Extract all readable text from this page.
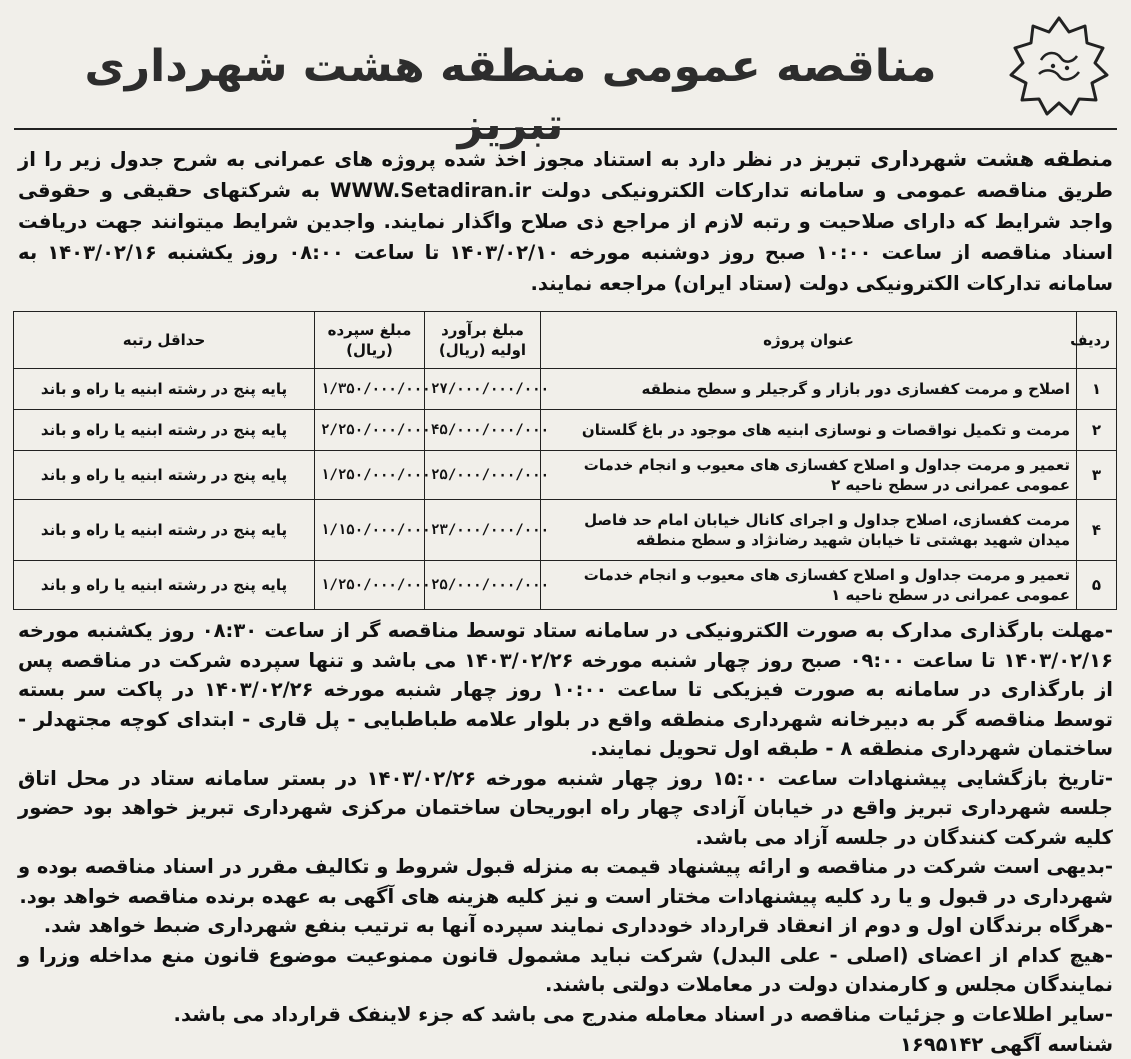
مناقصه عمومی منطقه هشت شهرداری تبریز
منطقه هشت شهرداری تبریز در نظر دارد به استناد مجوز اخذ شده پروژه های عمرانی به شرح جدول زیر را از طریق مناقصه عمومی و سامانه تدارکات الکترونیکی دولت WWW.Setadiran.ir به شرکتهای حقیقی و حقوقی واجد شرایط که دارای صلاحیت و رتبه لازم از مراجع ذی صلاح واگذار نمایند. واجدین شرایط میتوانند جهت دریافت اسناد مناقصه از ساعت ۱۰:۰۰ صبح روز دوشنبه مورخه ۱۴۰۳/۰۲/۱۰ تا ساعت ۰۸:۰۰ روز یکشنبه ۱۴۰۳/۰۲/۱۶ به سامانه تدارکات الکترونیکی دولت (ستاد ایران) مراجعه نمایند.
ردیف	عنوان پروژه	مبلغ برآورد اولیه (ریال)	مبلغ سپرده (ریال)	حداقل رتبه
۱	اصلاح و مرمت کفسازی دور بازار و گرجیلر و سطح منطقه	۲۷/۰۰۰/۰۰۰/۰۰۰	۱/۳۵۰/۰۰۰/۰۰۰	پایه پنج در رشته ابنیه یا راه و باند
۲	مرمت و تکمیل نواقصات و نوسازی ابنیه های موجود در باغ گلستان	۴۵/۰۰۰/۰۰۰/۰۰۰	۲/۲۵۰/۰۰۰/۰۰۰	پایه پنج در رشته ابنیه یا راه و باند
۳	تعمیر و مرمت جداول و اصلاح کفسازی های معیوب و انجام خدمات عمومی عمرانی در سطح ناحیه ۲	۲۵/۰۰۰/۰۰۰/۰۰۰	۱/۲۵۰/۰۰۰/۰۰۰	پایه پنج در رشته ابنیه یا راه و باند
۴	مرمت کفسازی، اصلاح جداول و اجرای کانال خیابان امام حد فاصل میدان شهید بهشتی تا خیابان شهید رضانژاد و سطح منطقه	۲۳/۰۰۰/۰۰۰/۰۰۰	۱/۱۵۰/۰۰۰/۰۰۰	پایه پنج در رشته ابنیه یا راه و باند
۵	تعمیر و مرمت جداول و اصلاح کفسازی های معیوب و انجام خدمات عمومی عمرانی در سطح ناحیه ۱	۲۵/۰۰۰/۰۰۰/۰۰۰	۱/۲۵۰/۰۰۰/۰۰۰	پایه پنج در رشته ابنیه یا راه و باند

-مهلت بارگذاری مدارک به صورت الکترونیکی در سامانه ستاد توسط مناقصه گر از ساعت ۰۸:۳۰ روز یکشنبه مورخه ۱۴۰۳/۰۲/۱۶ تا ساعت ۰۹:۰۰ صبح روز چهار شنبه مورخه ۱۴۰۳/۰۲/۲۶ می باشد و تنها سپرده شرکت در مناقصه پس از بارگذاری در سامانه به صورت فیزیکی تا ساعت ۱۰:۰۰ روز چهار شنبه مورخه ۱۴۰۳/۰۲/۲۶ در پاکت سر بسته توسط مناقصه گر به دبیرخانه شهرداری منطقه واقع در بلوار علامه طباطبایی - پل قاری - ابتدای کوچه مجتهدلر - ساختمان شهرداری منطقه ۸ - طبقه اول تحویل نمایند.

-تاریخ بازگشایی پیشنهادات ساعت ۱۵:۰۰ روز چهار شنبه مورخه ۱۴۰۳/۰۲/۲۶ در بستر سامانه ستاد در محل اتاق جلسه شهرداری تبریز واقع در خیابان آزادی چهار راه ابوریحان ساختمان مرکزی شهرداری تبریز خواهد بود حضور کلیه شرکت کنندگان در جلسه آزاد می باشد.

-بدیهی است شرکت در مناقصه و ارائه پیشنهاد قیمت به منزله قبول شروط و تکالیف مقرر در اسناد مناقصه بوده و شهرداری در قبول و یا رد کلیه پیشنهادات مختار است و نیز کلیه هزینه های آگهی به عهده برنده مناقصه خواهد بود.

-هرگاه برندگان اول و دوم از انعقاد قرارداد خودداری نمایند سپرده آنها به ترتیب بنفع شهرداری ضبط خواهد شد.

-هیچ کدام از اعضای (اصلی - علی البدل) شرکت نباید مشمول قانون ممنوعیت موضوع قانون منع مداخله وزرا و نمایندگان مجلس و کارمندان دولت در معاملات دولتی باشند.

-سایر اطلاعات و جزئیات مناقصه در اسناد معامله مندرج می باشد که جزء لاینفک قرارداد می باشد.

شناسه آگهی ۱۶۹۵۱۴۲
